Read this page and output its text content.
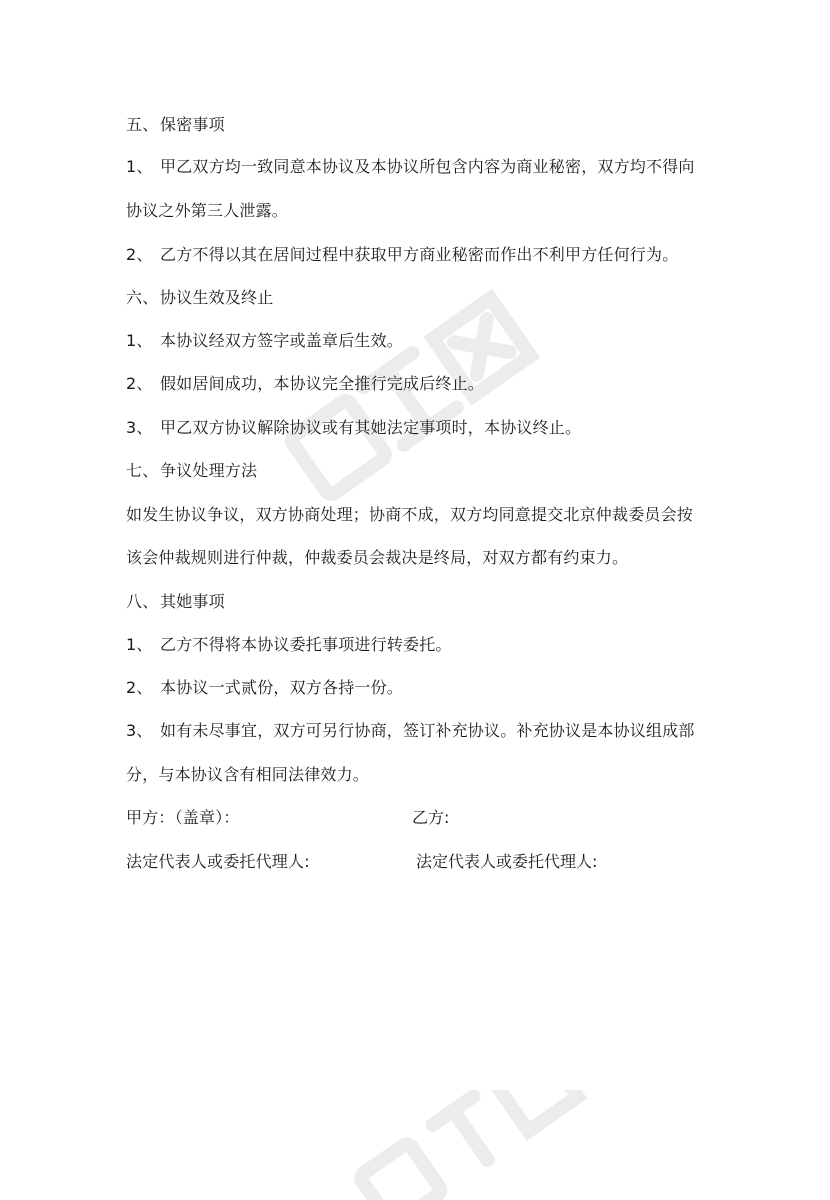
五、保密事项
1、 甲乙双方均一致同意本协议及本协议所包含内容为商业秘密，双方均不得向
协议之外第三人泄露。
2、 乙方不得以其在居间过程中获取甲方商业秘密而作出不利甲方任何行为。
六、协议生效及终止
1、 本协议经双方签字或盖章后生效。
2、 假如居间成功，本协议完全推行完成后终止。
3、 甲乙双方协议解除协议或有其她法定事项时，本协议终止。
七、争议处理方法
如发生协议争议，双方协商处理；协商不成，双方均同意提交北京仲裁委员会按
该会仲裁规则进行仲裁，仲裁委员会裁决是终局，对双方都有约束力。
八、其她事项
1、 乙方不得将本协议委托事项进行转委托。
2、 本协议一式贰份，双方各持一份。
3、 如有未尽事宜，双方可另行协商，签订补充协议。补充协议是本协议组成部
分，与本协议含有相同法律效力。
甲方：（盖章）：	乙方:
法定代表人或委托代理人:	法定代表人或委托代理人:
